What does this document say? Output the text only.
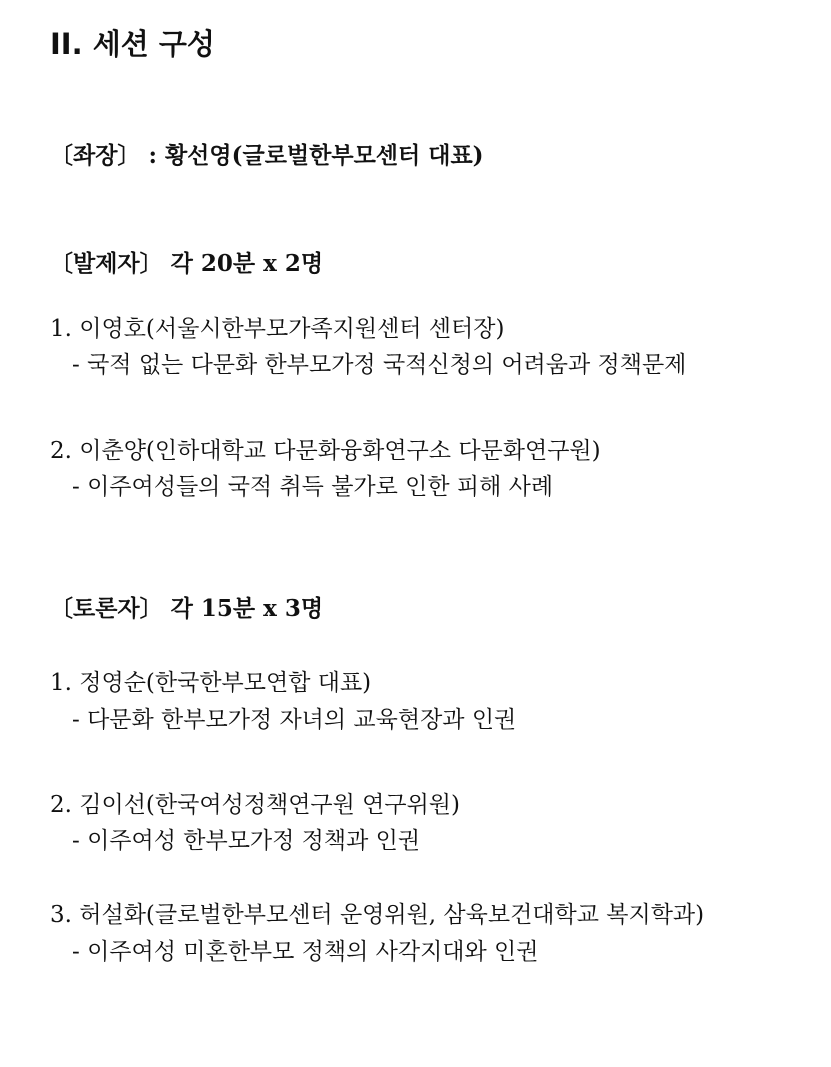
II. 세션 구성
〔좌장〕 : 황선영(글로벌한부모센터 대표)
〔발제자〕 각 20분 x 2명
1. 이영호(서울시한부모가족지원센터 센터장)
- 국적 없는 다문화 한부모가정 국적신청의 어려움과 정책문제
2. 이춘양(인하대학교 다문화융화연구소 다문화연구원)
- 이주여성들의 국적 취득 불가로 인한 피해 사례
〔토론자〕 각 15분 x 3명
1. 정영순(한국한부모연합 대표)
- 다문화 한부모가정 자녀의 교육현장과 인권
2. 김이선(한국여성정책연구원 연구위원)
- 이주여성 한부모가정 정책과 인권
3. 허설화(글로벌한부모센터 운영위원, 삼육보건대학교 복지학과)
- 이주여성 미혼한부모 정책의 사각지대와 인권
